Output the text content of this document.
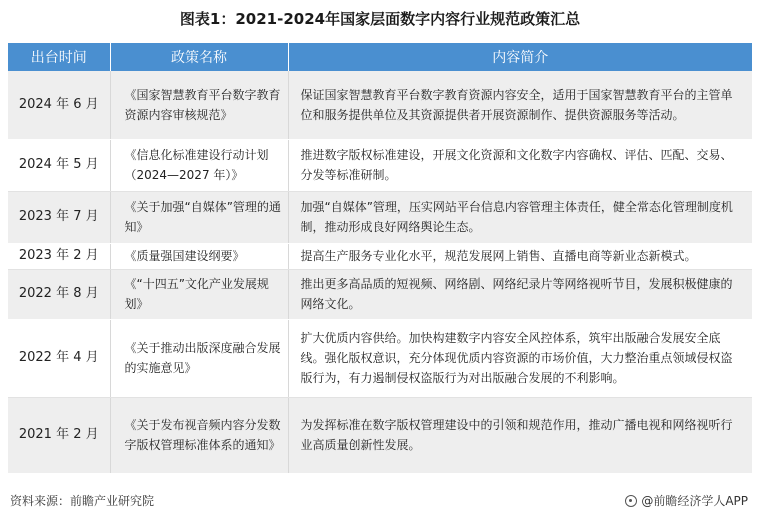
图表1：2021-2024年国家层面数字内容行业规范政策汇总
出台时间	政策名称	内容简介
2024 年 6 月	《国家智慧教育平台数字教育资源内容审核规范》	保证国家智慧教育平台数字教育资源内容安全，适用于国家智慧教育平台的主管单位和服务提供单位及其资源提供者开展资源制作、提供资源服务等活动。
2024 年 5 月	《信息化标准建设行动计划（2024—2027 年）》	推进数字版权标准建设，开展文化资源和文化数字内容确权、评估、匹配、交易、分发等标准研制。
2023 年 7 月	《关于加强“自媒体”管理的通知》	加强“自媒体”管理，压实网站平台信息内容管理主体责任，健全常态化管理制度机制，推动形成良好网络舆论生态。
2023 年 2 月	《质量强国建设纲要》	提高生产服务专业化水平，规范发展网上销售、直播电商等新业态新模式。
2022 年 8 月	《“十四五”文化产业发展规划》	推出更多高品质的短视频、网络剧、网络纪录片等网络视听节目，发展积极健康的网络文化。
2022 年 4 月	《关于推动出版深度融合发展的实施意见》	扩大优质内容供给。加快构建数字内容安全风控体系，筑牢出版融合发展安全底线。强化版权意识，充分体现优质内容资源的市场价值，大力整治重点领域侵权盗版行为，有力遏制侵权盗版行为对出版融合发展的不利影响。
2021 年 2 月	《关于发布视音频内容分发数字版权管理标准体系的通知》	为发挥标准在数字版权管理建设中的引领和规范作用，推动广播电视和网络视听行业高质量创新性发展。
资料来源：前瞻产业研究院	@前瞻经济学人APP
